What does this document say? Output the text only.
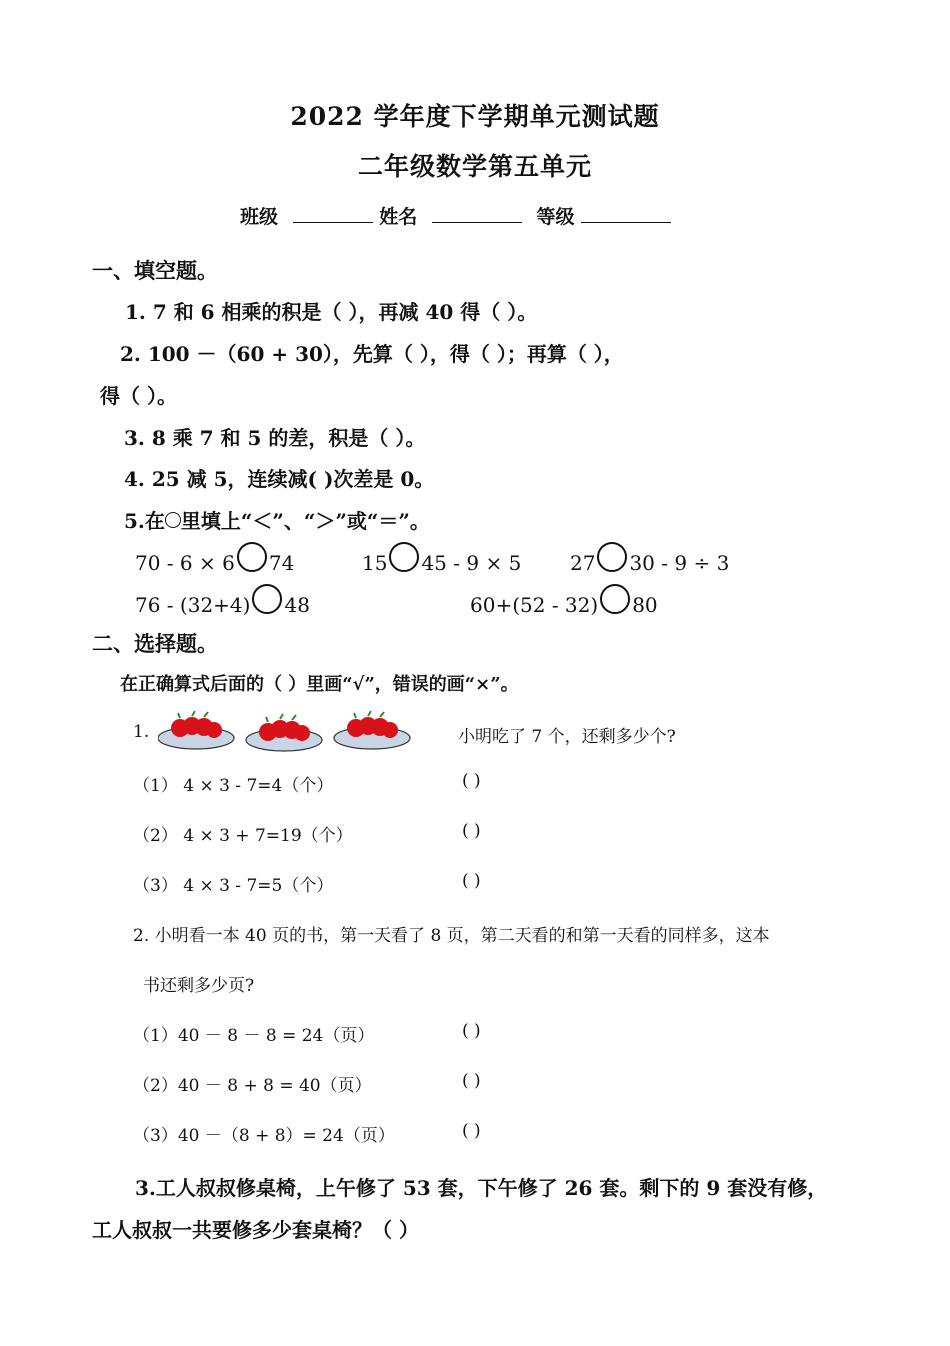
2022 学年度下学期单元测试题
二年级数学第五单元
班级	姓名	等级
一、填空题。
1. 7 和 6 相乘的积是（ ），再减 40 得（ ）。
2. 100 －（60 + 30），先算（ ），得（ ）；再算（ ），
得（ ）。
3. 8 乘 7 和 5 的差，积是（ ）。
4. 25 减 5，连续减( )次差是 0。
5.在 里填上“＜”、“＞”或“＝”。
70 - 6 × 6 74	15 45 - 9 × 5 27 30 - 9 ÷ 3
76 - (32+4) 48	60+(52 - 32) 80
二、选择题。
在正确算式后面的（ ）里画“√”，错误的画“×”。
1.	小明吃了 7 个，还剩多少个?
（1） 4 × 3 - 7=4（个）	( )
（2） 4 × 3 + 7=19（个）	( )
（3） 4 × 3 - 7=5（个）	( )
2. 小明看一本 40 页的书，第一天看了 8 页，第二天看的和第一天看的同样多，这本
书还剩多少页?
（1）40 － 8 － 8 = 24（页）	( )
（2）40 － 8 + 8 = 40（页）	( )
（3）40 －（8 + 8）= 24（页）	( )
3.工人叔叔修桌椅，上午修了 53 套，下午修了 26 套。剩下的 9 套没有修，
工人叔叔一共要修多少套桌椅？（ ）
